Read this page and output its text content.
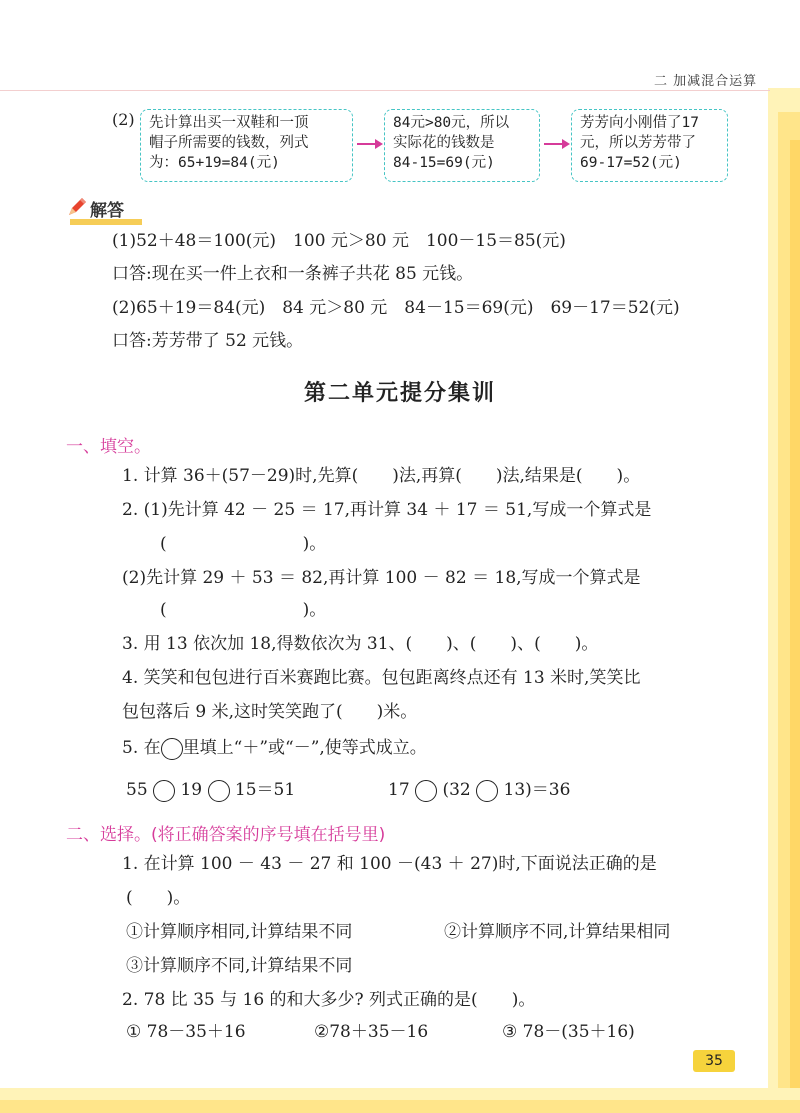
二 加减混合运算
(2) 先计算出买一双鞋和一顶
帽子所需要的钱数，列式
为：65+19=84(元)
84元>80元，所以
实际花的钱数是
84-15=69(元)
芳芳向小刚借了17
元，所以芳芳带了
69-17=52(元)
解答
(1)52＋48＝100(元)　100 元＞80 元　100－15＝85(元)
口答:现在买一件上衣和一条裤子共花 85 元钱。
(2)65＋19＝84(元)　84 元＞80 元　84－15＝69(元)　69－17＝52(元)
口答:芳芳带了 52 元钱。
第二单元提分集训
一、填空。
1. 计算 36＋(57－29)时,先算(　　)法,再算(　　)法,结果是(　　)。
2. (1)先计算 42 － 25 ＝ 17,再计算 34 ＋ 17 ＝ 51,写成一个算式是
(　　　　　　　　)。
(2)先计算 29 ＋ 53 ＝ 82,再计算 100 － 82 ＝ 18,写成一个算式是
(　　　　　　　　)。
3. 用 13 依次加 18,得数依次为 31、(　　)、(　　)、(　　)。
4. 笑笑和包包进行百米赛跑比赛。包包距离终点还有 13 米时,笑笑比
包包落后 9 米,这时笑笑跑了(　　)米。
5. 在 里填上“＋”或“－”,使等式成立。
55 19 15＝51	17 (32 13)＝36
二、选择。(将正确答案的序号填在括号里)
1. 在计算 100 － 43 － 27 和 100 －(43 ＋ 27)时,下面说法正确的是
(　　)。
①计算顺序相同,计算结果不同	②计算顺序不同,计算结果相同
③计算顺序不同,计算结果不同
2. 78 比 35 与 16 的和大多少? 列式正确的是(　　)。
① 78－35＋16	②78＋35－16	③ 78－(35＋16)
35
